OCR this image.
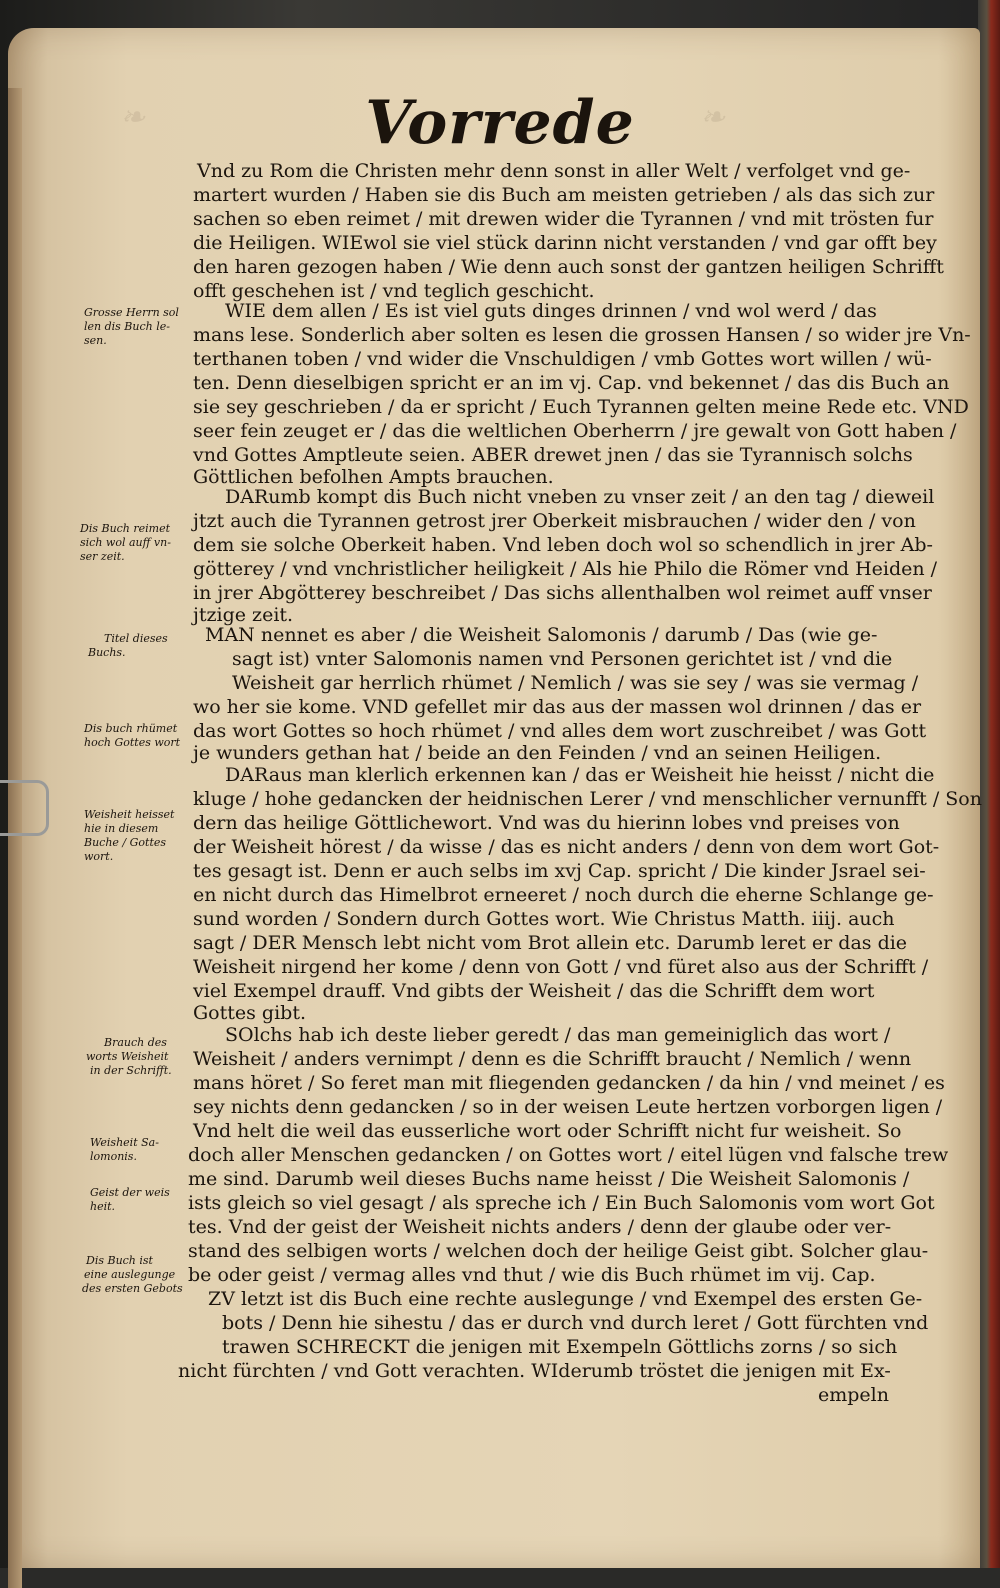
❧	❧
Vorrede
Vnd zu Rom die Christen mehr denn sonst in aller Welt / verfolget vnd ge-
martert wurden / Haben sie dis Buch am meisten getrieben / als das sich zur
sachen so eben reimet / mit drewen wider die Tyrannen / vnd mit trösten fur
die Heiligen. WIEwol sie viel stück darinn nicht verstanden / vnd gar offt bey
den haren gezogen haben / Wie denn auch sonst der gantzen heiligen Schrifft
offt geschehen ist / vnd teglich geschicht.
WIE dem allen / Es ist viel guts dinges drinnen / vnd wol werd / das
mans lese. Sonderlich aber solten es lesen die grossen Hansen / so wider jre Vn-
terthanen toben / vnd wider die Vnschuldigen / vmb Gottes wort willen / wü-
ten. Denn dieselbigen spricht er an im vj. Cap. vnd bekennet / das dis Buch an
sie sey geschrieben / da er spricht / Euch Tyrannen gelten meine Rede etc. VND
seer fein zeuget er / das die weltlichen Oberherrn / jre gewalt von Gott haben /
vnd Gottes Amptleute seien. ABER drewet jnen / das sie Tyrannisch solchs
Göttlichen befolhen Ampts brauchen.
DARumb kompt dis Buch nicht vneben zu vnser zeit / an den tag / dieweil
jtzt auch die Tyrannen getrost jrer Oberkeit misbrauchen / wider den / von
dem sie solche Oberkeit haben. Vnd leben doch wol so schendlich in jrer Ab-
götterey / vnd vnchristlicher heiligkeit / Als hie Philo die Römer vnd Heiden /
in jrer Abgötterey beschreibet / Das sichs allenthalben wol reimet auff vnser
jtzige zeit.
MAN nennet es aber / die Weisheit Salomonis / darumb / Das (wie ge-
sagt ist) vnter Salomonis namen vnd Personen gerichtet ist / vnd die
Weisheit gar herrlich rhümet / Nemlich / was sie sey / was sie vermag /
wo her sie kome. VND gefellet mir das aus der massen wol drinnen / das er
das wort Gottes so hoch rhümet / vnd alles dem wort zuschreibet / was Gott
je wunders gethan hat / beide an den Feinden / vnd an seinen Heiligen.
DARaus man klerlich erkennen kan / das er Weisheit hie heisst / nicht die
kluge / hohe gedancken der heidnischen Lerer / vnd menschlicher vernunfft / Son
dern das heilige Göttlichewort. Vnd was du hierinn lobes vnd preises von
der Weisheit hörest / da wisse / das es nicht anders / denn von dem wort Got-
tes gesagt ist. Denn er auch selbs im xvj Cap. spricht / Die kinder Jsrael sei-
en nicht durch das Himelbrot erneeret / noch durch die eherne Schlange ge-
sund worden / Sondern durch Gottes wort. Wie Christus Matth. iiij. auch
sagt / DER Mensch lebt nicht vom Brot allein etc. Darumb leret er das die
Weisheit nirgend her kome / denn von Gott / vnd füret also aus der Schrifft /
viel Exempel drauff. Vnd gibts der Weisheit / das die Schrifft dem wort
Gottes gibt.
SOlchs hab ich deste lieber geredt / das man gemeiniglich das wort /
Weisheit / anders vernimpt / denn es die Schrifft braucht / Nemlich / wenn
mans höret / So feret man mit fliegenden gedancken / da hin / vnd meinet / es
sey nichts denn gedancken / so in der weisen Leute hertzen vorborgen ligen /
Vnd helt die weil das eusserliche wort oder Schrifft nicht fur weisheit. So
doch aller Menschen gedancken / on Gottes wort / eitel lügen vnd falsche trew
me sind. Darumb weil dieses Buchs name heisst / Die Weisheit Salomonis /
ists gleich so viel gesagt / als spreche ich / Ein Buch Salomonis vom wort Got
tes. Vnd der geist der Weisheit nichts anders / denn der glaube oder ver-
stand des selbigen worts / welchen doch der heilige Geist gibt. Solcher glau-
be oder geist / vermag alles vnd thut / wie dis Buch rhümet im vij. Cap.
ZV letzt ist dis Buch eine rechte auslegunge / vnd Exempel des ersten Ge-
bots / Denn hie sihestu / das er durch vnd durch leret / Gott fürchten vnd
trawen SCHRECKT die jenigen mit Exempeln Göttlichs zorns / so sich
nicht fürchten / vnd Gott verachten. WIderumb tröstet die jenigen mit Ex-
empeln
Grosse Herrn sol
len dis Buch le-
sen.
Dis Buch reimet
sich wol auff vn-
ser zeit.
Titel dieses
Buchs.
Dis buch rhümet
hoch Gottes wort
Weisheit heisset
hie in diesem
Buche / Gottes
wort.
Brauch des
worts Weisheit
in der Schrifft.
Weisheit Sa-
lomonis.
Geist der weis
heit.
Dis Buch ist
eine auslegunge
des ersten Gebots
